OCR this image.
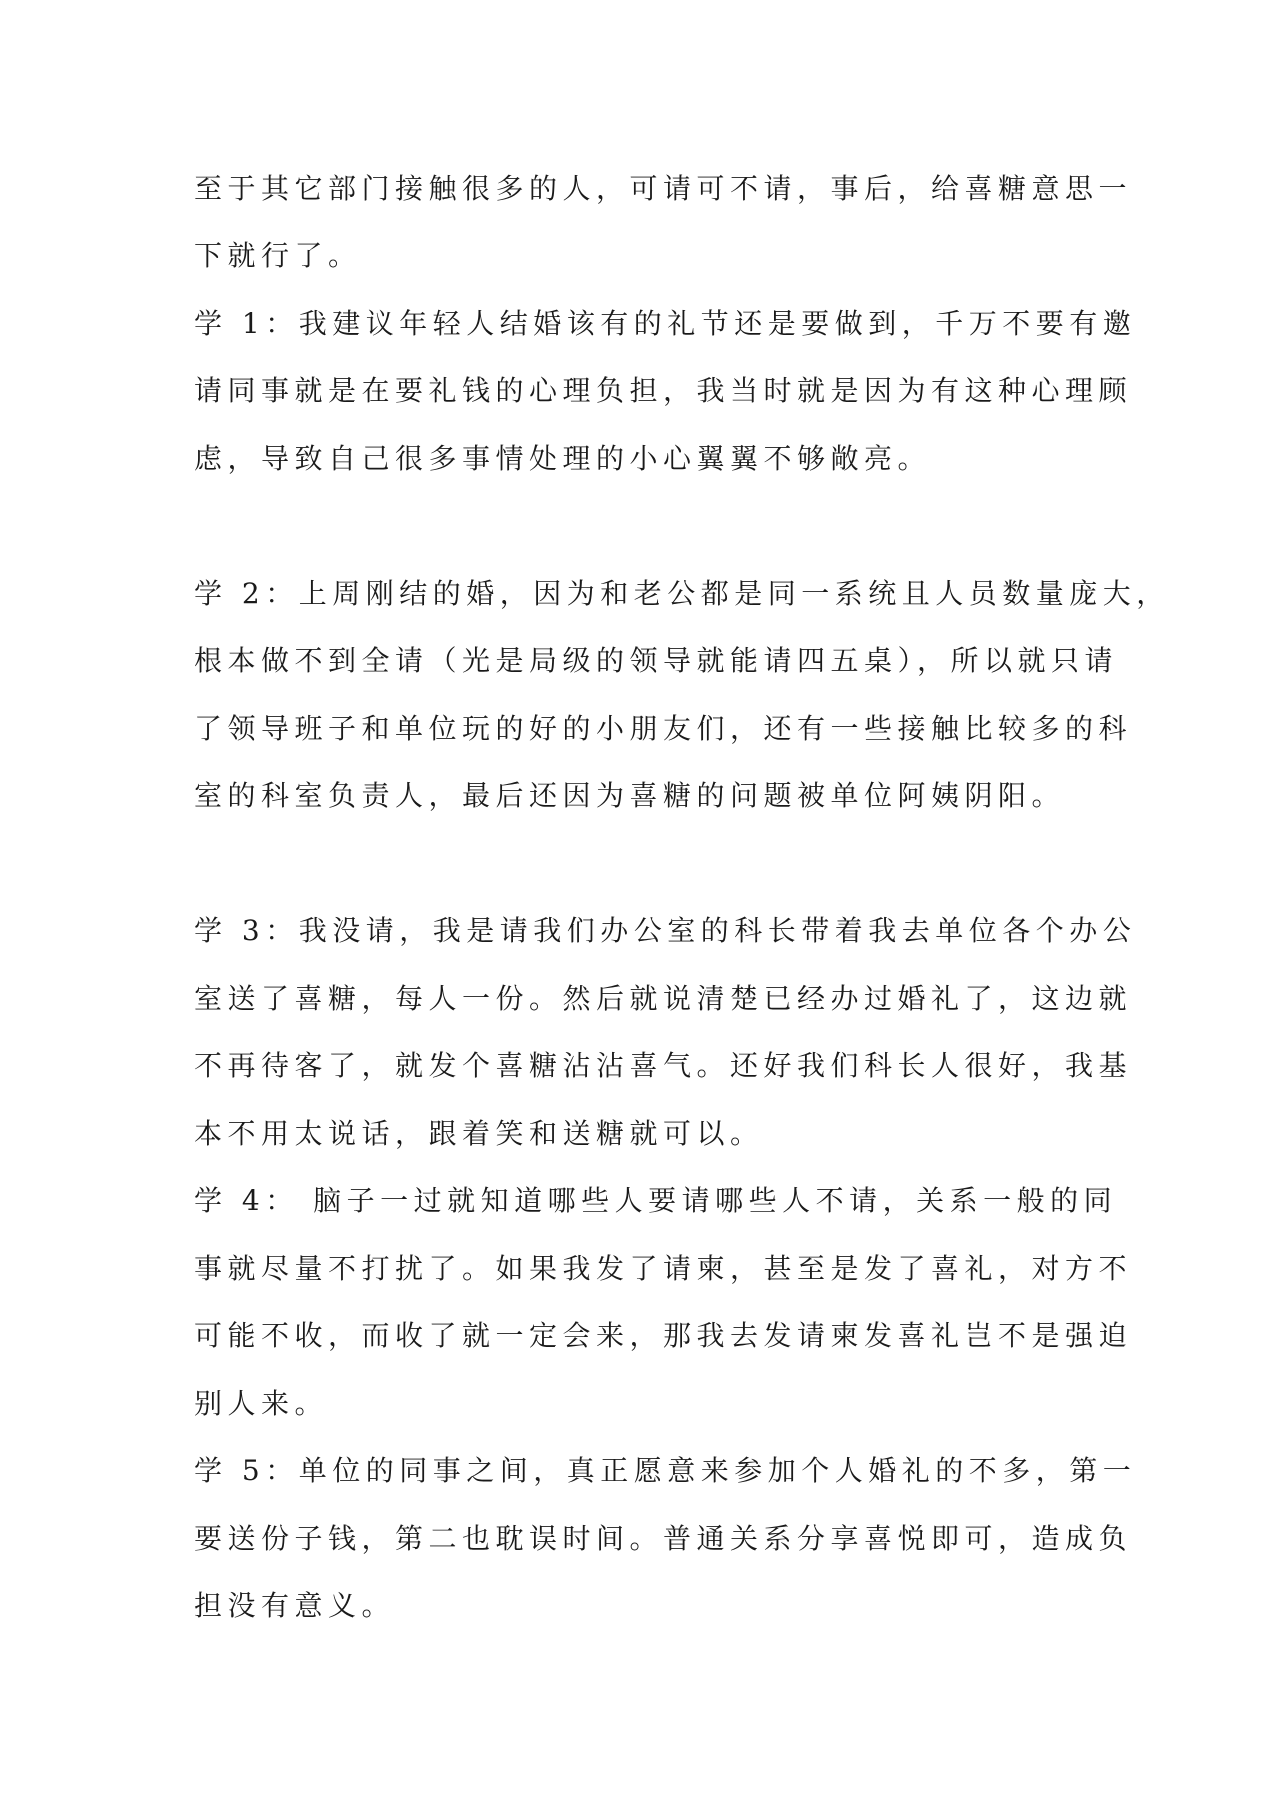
至于其它部门接触很多的人，可请可不请，事后，给喜糖意思一
下就行了。
学 1：我建议年轻人结婚该有的礼节还是要做到，千万不要有邀
请同事就是在要礼钱的心理负担，我当时就是因为有这种心理顾
虑，导致自己很多事情处理的小心翼翼不够敞亮。
学 2：上周刚结的婚，因为和老公都是同一系统且人员数量庞大，
根本做不到全请（光是局级的领导就能请四五桌），所以就只请
了领导班子和单位玩的好的小朋友们，还有一些接触比较多的科
室的科室负责人，最后还因为喜糖的问题被单位阿姨阴阳。
学 3：我没请，我是请我们办公室的科长带着我去单位各个办公
室送了喜糖，每人一份。然后就说清楚已经办过婚礼了，这边就
不再待客了，就发个喜糖沾沾喜气。还好我们科长人很好，我基
本不用太说话，跟着笑和送糖就可以。
学 4： 脑子一过就知道哪些人要请哪些人不请，关系一般的同
事就尽量不打扰了。如果我发了请柬，甚至是发了喜礼，对方不
可能不收，而收了就一定会来，那我去发请柬发喜礼岂不是强迫
别人来。
学 5：单位的同事之间，真正愿意来参加个人婚礼的不多，第一
要送份子钱，第二也耽误时间。普通关系分享喜悦即可，造成负
担没有意义。
